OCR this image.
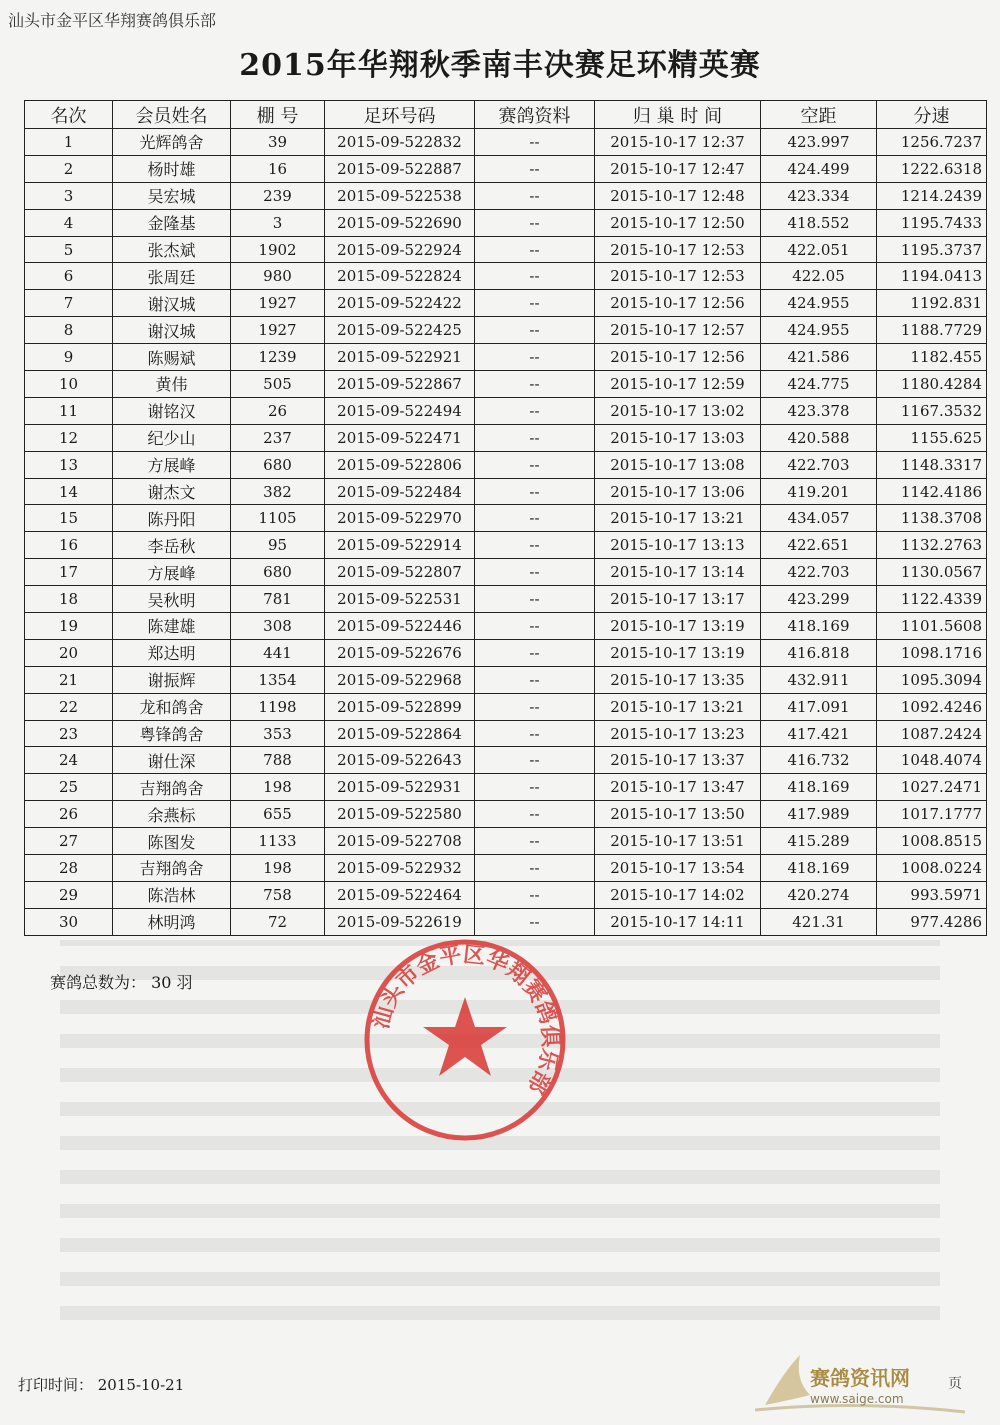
汕头市金平区华翔赛鸽俱乐部
2015年华翔秋季南丰决赛足环精英赛
名次	会员姓名	棚 号	足环号码	赛鸽资料	归 巢 时 间	空距	分速
1	光辉鸽舍	39	2015-09-522832	--	2015-10-17 12:37	423.997	1256.7237
2	杨时雄	16	2015-09-522887	--	2015-10-17 12:47	424.499	1222.6318
3	吴宏城	239	2015-09-522538	--	2015-10-17 12:48	423.334	1214.2439
4	金隆基	3	2015-09-522690	--	2015-10-17 12:50	418.552	1195.7433
5	张杰斌	1902	2015-09-522924	--	2015-10-17 12:53	422.051	1195.3737
6	张周廷	980	2015-09-522824	--	2015-10-17 12:53	422.05	1194.0413
7	谢汉城	1927	2015-09-522422	--	2015-10-17 12:56	424.955	1192.831
8	谢汉城	1927	2015-09-522425	--	2015-10-17 12:57	424.955	1188.7729
9	陈赐斌	1239	2015-09-522921	--	2015-10-17 12:56	421.586	1182.455
10	黄伟	505	2015-09-522867	--	2015-10-17 12:59	424.775	1180.4284
11	谢铭汉	26	2015-09-522494	--	2015-10-17 13:02	423.378	1167.3532
12	纪少山	237	2015-09-522471	--	2015-10-17 13:03	420.588	1155.625
13	方展峰	680	2015-09-522806	--	2015-10-17 13:08	422.703	1148.3317
14	谢杰文	382	2015-09-522484	--	2015-10-17 13:06	419.201	1142.4186
15	陈丹阳	1105	2015-09-522970	--	2015-10-17 13:21	434.057	1138.3708
16	李岳秋	95	2015-09-522914	--	2015-10-17 13:13	422.651	1132.2763
17	方展峰	680	2015-09-522807	--	2015-10-17 13:14	422.703	1130.0567
18	吴秋明	781	2015-09-522531	--	2015-10-17 13:17	423.299	1122.4339
19	陈建雄	308	2015-09-522446	--	2015-10-17 13:19	418.169	1101.5608
20	郑达明	441	2015-09-522676	--	2015-10-17 13:19	416.818	1098.1716
21	谢振辉	1354	2015-09-522968	--	2015-10-17 13:35	432.911	1095.3094
22	龙和鸽舍	1198	2015-09-522899	--	2015-10-17 13:21	417.091	1092.4246
23	粤锋鸽舍	353	2015-09-522864	--	2015-10-17 13:23	417.421	1087.2424
24	谢仕深	788	2015-09-522643	--	2015-10-17 13:37	416.732	1048.4074
25	吉翔鸽舍	198	2015-09-522931	--	2015-10-17 13:47	418.169	1027.2471
26	余燕标	655	2015-09-522580	--	2015-10-17 13:50	417.989	1017.1777
27	陈图发	1133	2015-09-522708	--	2015-10-17 13:51	415.289	1008.8515
28	吉翔鸽舍	198	2015-09-522932	--	2015-10-17 13:54	418.169	1008.0224
29	陈浩林	758	2015-09-522464	--	2015-10-17 14:02	420.274	993.5971
30	林明鸿	72	2015-09-522619	--	2015-10-17 14:11	421.31	977.4286
赛鸽总数为： 30 羽
汕头市金平区华翔赛鸽俱乐部
打印时间： 2015-10-21	赛鸽资讯网
www.saige.com
页
